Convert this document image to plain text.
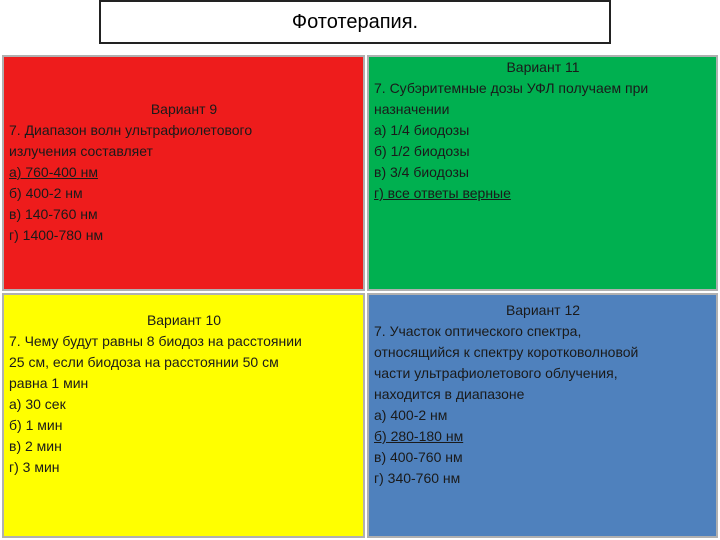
Фототерапия.
Вариант 9
7. Диапазон волн ультрафиолетового
излучения составляет
а) 760-400 нм
б) 400-2 нм
в) 140-760 нм
г) 1400-780 нм
Вариант 11
7. Субэритемные дозы УФЛ получаем при
назначении
а) 1/4 биодозы
б) 1/2 биодозы
в) 3/4 биодозы
г) все ответы верные
Вариант 10
7. Чему будут равны 8 биодоз на расстоянии
25 см, если биодоза на расстоянии 50 см
равна 1 мин
а) 30 сек
б) 1 мин
в) 2 мин
г) 3 мин
Вариант 12
7. Участок оптического спектра,
относящийся к спектру коротковолновой
части ультрафиолетового облучения,
находится в диапазоне
а) 400-2 нм
б) 280-180 нм
в) 400-760 нм
г) 340-760 нм
